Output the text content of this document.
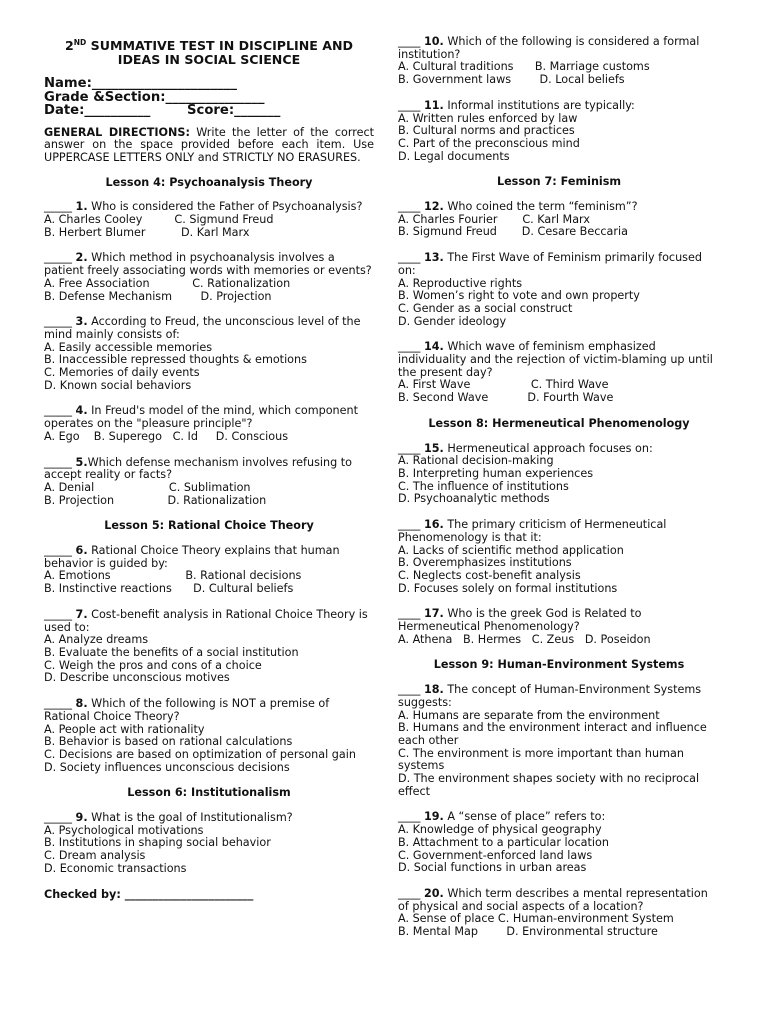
2ND SUMMATIVE TEST IN DISCIPLINE AND
IDEAS IN SOCIAL SCIENCE
Name:______________________
Grade &Section:_______________
Date:__________        Score:_______
GENERAL DIRECTIONS: Write the letter of the correct answer on the space provided before each item. Use UPPERCASE LETTERS ONLY and STRICTLY NO ERASURES.
Lesson 4: Psychoanalysis Theory
_____ 1. Who is considered the Father of Psychoanalysis?
A. Charles Cooley         C. Sigmund Freud
B. Herbert Blumer          D. Karl Marx
_____ 2. Which method in psychoanalysis involves a patient freely associating words with memories or events?
A. Free Association            C. Rationalization
B. Defense Mechanism        D. Projection
_____ 3. According to Freud, the unconscious level of the mind mainly consists of:
A. Easily accessible memories
B. Inaccessible repressed thoughts & emotions
C. Memories of daily events
D. Known social behaviors
_____ 4. In Freud's model of the mind, which component operates on the "pleasure principle"?
A. Ego    B. Superego   C. Id     D. Conscious
_____ 5.Which defense mechanism involves refusing to accept reality or facts?
A. Denial                     C. Sublimation
B. Projection               D. Rationalization
Lesson 5: Rational Choice Theory
_____ 6. Rational Choice Theory explains that human behavior is guided by:
A. Emotions                     B. Rational decisions
B. Instinctive reactions      D. Cultural beliefs
_____ 7. Cost-benefit analysis in Rational Choice Theory is used to:
A. Analyze dreams
B. Evaluate the benefits of a social institution
C. Weigh the pros and cons of a choice
D. Describe unconscious motives
_____ 8. Which of the following is NOT a premise of Rational Choice Theory?
A. People act with rationality
B. Behavior is based on rational calculations
C. Decisions are based on optimization of personal gain
D. Society influences unconscious decisions
Lesson 6: Institutionalism
_____ 9. What is the goal of Institutionalism?
A. Psychological motivations
B. Institutions in shaping social behavior
C. Dream analysis
D. Economic transactions
Checked by: _______________________
____ 10. Which of the following is considered a formal institution?
A. Cultural traditions      B. Marriage customs
B. Government laws        D. Local beliefs
____ 11. Informal institutions are typically:
A. Written rules enforced by law
B. Cultural norms and practices
C. Part of the preconscious mind
D. Legal documents
Lesson 7: Feminism
____ 12. Who coined the term “feminism”?
A. Charles Fourier       C. Karl Marx
B. Sigmund Freud       D. Cesare Beccaria
____ 13. The First Wave of Feminism primarily focused on:
A. Reproductive rights
B. Women’s right to vote and own property
C. Gender as a social construct
D. Gender ideology
____ 14. Which wave of feminism emphasized individuality and the rejection of victim-blaming up until the present day?
A. First Wave                 C. Third Wave
B. Second Wave           D. Fourth Wave
Lesson 8: Hermeneutical Phenomenology
____ 15. Hermeneutical approach focuses on:
A. Rational decision-making
B. Interpreting human experiences
C. The influence of institutions
D. Psychoanalytic methods
____ 16. The primary criticism of Hermeneutical Phenomenology is that it:
A. Lacks of scientific method application
B. Overemphasizes institutions
C. Neglects cost-benefit analysis
D. Focuses solely on formal institutions
____ 17. Who is the greek God is Related to Hermeneutical Phenomenology?
A. Athena   B. Hermes   C. Zeus   D. Poseidon
Lesson 9: Human-Environment Systems
____ 18. The concept of Human-Environment Systems suggests:
A. Humans are separate from the environment
B. Humans and the environment interact and influence each other
C. The environment is more important than human systems
D. The environment shapes society with no reciprocal effect
____ 19. A “sense of place” refers to:
A. Knowledge of physical geography
B. Attachment to a particular location
C. Government-enforced land laws
D. Social functions in urban areas
____ 20. Which term describes a mental representation of physical and social aspects of a location?
A. Sense of place C. Human-environment System
B. Mental Map        D. Environmental structure
